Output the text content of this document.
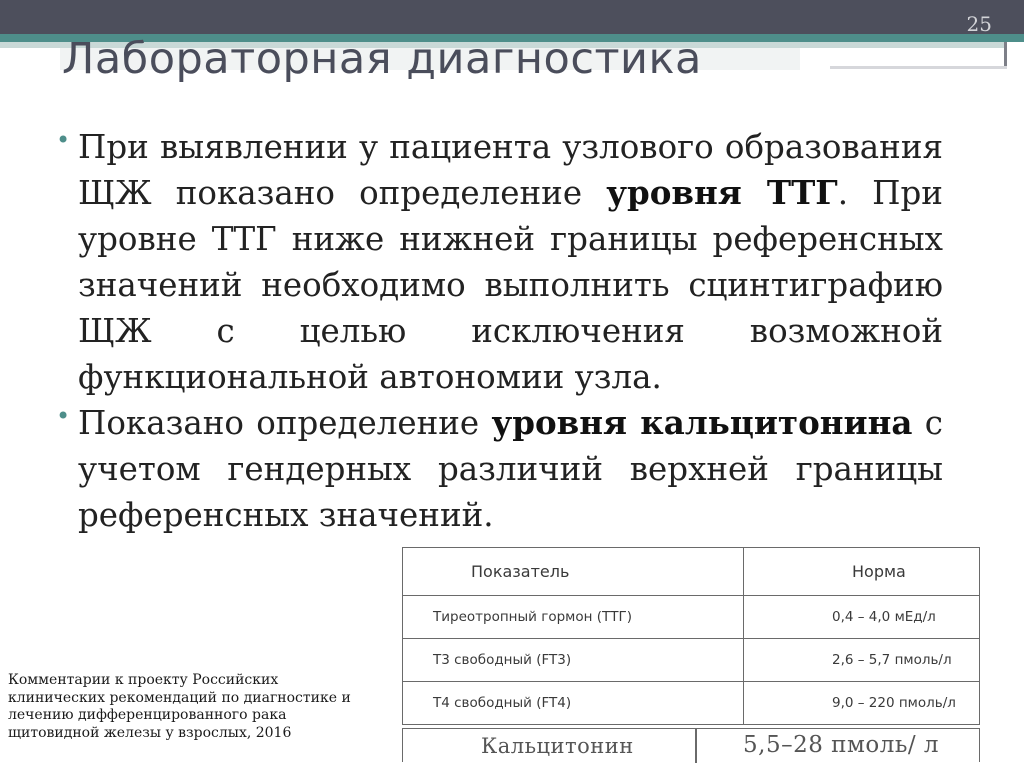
25
Лабораторная диагностика
• При выявлении у пациента узлового образования ЩЖ показано определение уровня ТТГ. При уровне ТТГ ниже нижней границы референсных значений необходимо выполнить сцинтиграфию ЩЖ с целью исключения возможной функциональной автономии узла.
• Показано определение уровня кальцитонина с учетом гендерных различий верхней границы референсных значений.
Показатель	Норма
Тиреотропный гормон (ТТГ)	0,4 – 4,0 мЕд/л
Т3 свободный (FT3)	2,6 – 5,7 пмоль/л
Т4 свободный (FT4)	9,0 – 220 пмоль/л
Кальцитонин	5,5–28 пмоль/ л

Комментарии к проекту Российских клинических рекомендаций по диагностике и лечению дифференцированного рака щитовидной железы у взрослых, 2016
